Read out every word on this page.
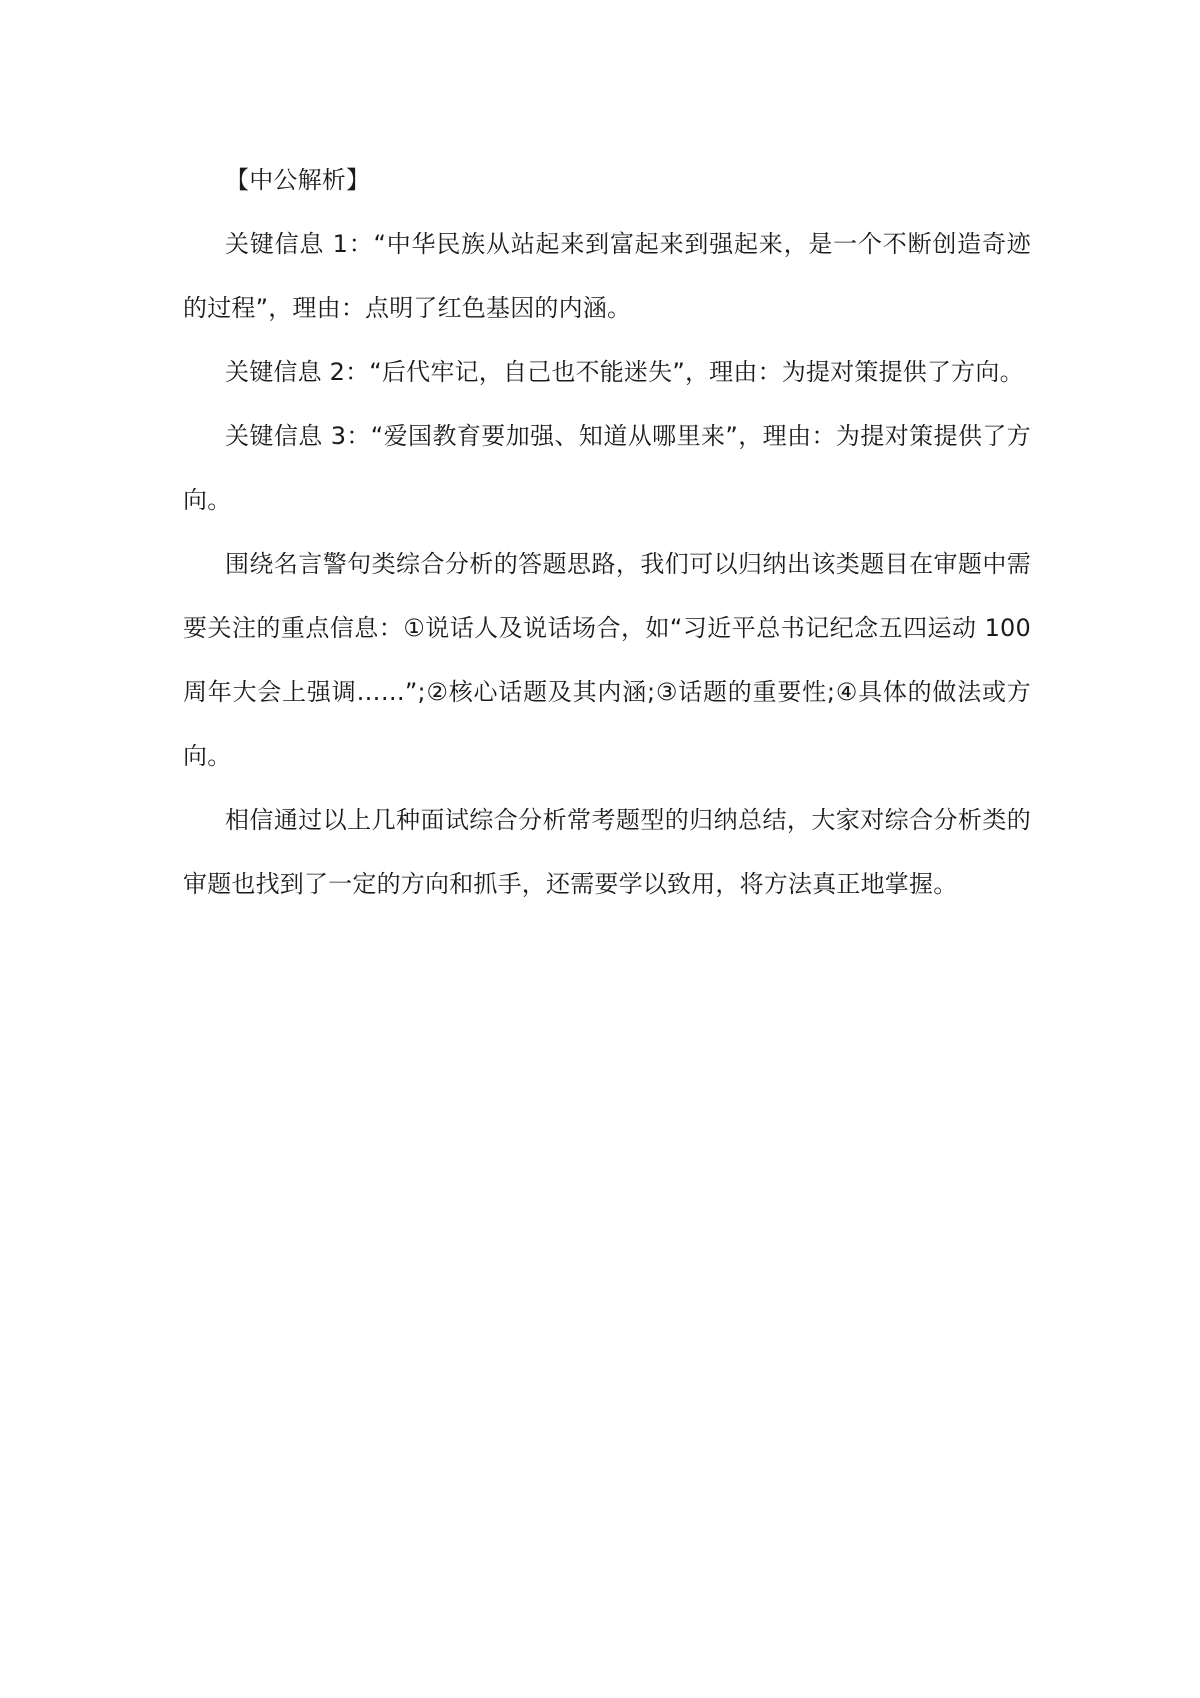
【中公解析】

关键信息 1：“中华民族从站起来到富起来到强起来，是一个不断创造奇迹的过程”，理由：点明了红色基因的内涵。

关键信息 2：“后代牢记，自己也不能迷失”，理由：为提对策提供了方向。

关键信息 3：“爱国教育要加强、知道从哪里来”，理由：为提对策提供了方向。

围绕名言警句类综合分析的答题思路，我们可以归纳出该类题目在审题中需要关注的重点信息：①说话人及说话场合，如“习近平总书记纪念五四运动 100 周年大会上强调……”;②核心话题及其内涵;③话题的重要性;④具体的做法或方向。

相信通过以上几种面试综合分析常考题型的归纳总结，大家对综合分析类的审题也找到了一定的方向和抓手，还需要学以致用，将方法真正地掌握。
